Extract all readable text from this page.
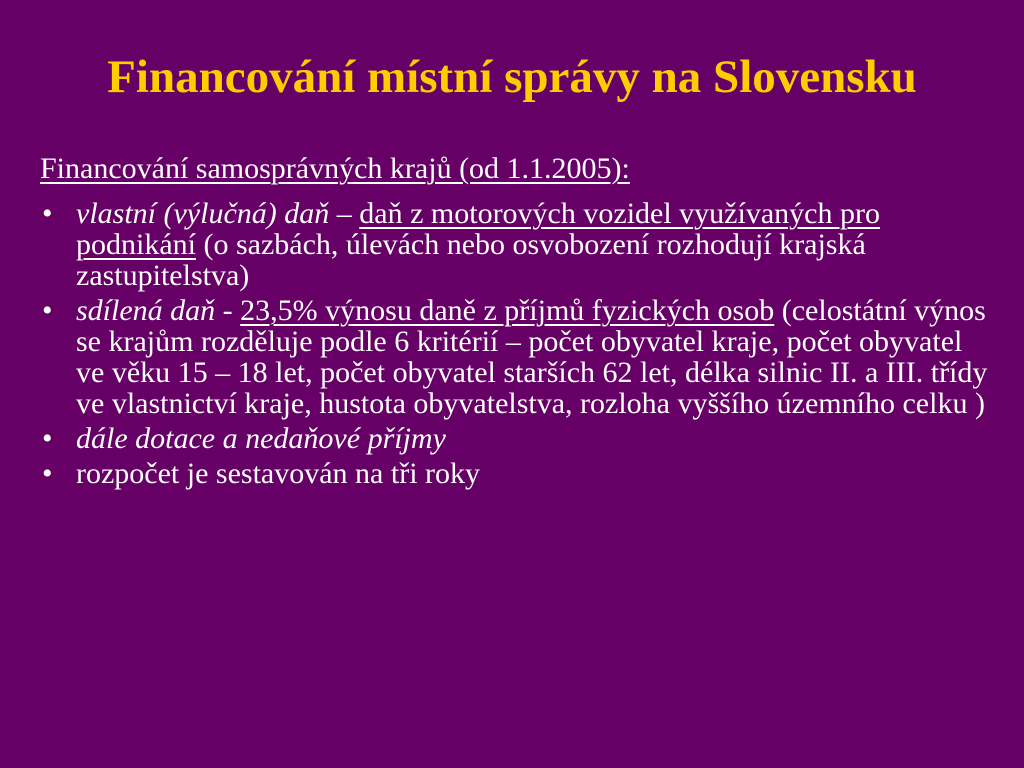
Financování místní správy na Slovensku

Financování samosprávných krajů (od 1.1.2005):

• vlastní (výlučná) daň – daň z motorových vozidel využívaných pro podnikání (o sazbách, úlevách nebo osvobození rozhodují krajská zastupitelstva)
• sdílená daň - 23,5% výnosu daně z příjmů fyzických osob (celostátní výnos se krajům rozděluje podle 6 kritérií – počet obyvatel kraje, počet obyvatel ve věku 15 – 18 let, počet obyvatel starších 62 let, délka silnic II. a III. třídy ve vlastnictví kraje, hustota obyvatelstva, rozloha vyššího územního celku )
• dále dotace a nedaňové příjmy
• rozpočet je sestavován na tři roky
